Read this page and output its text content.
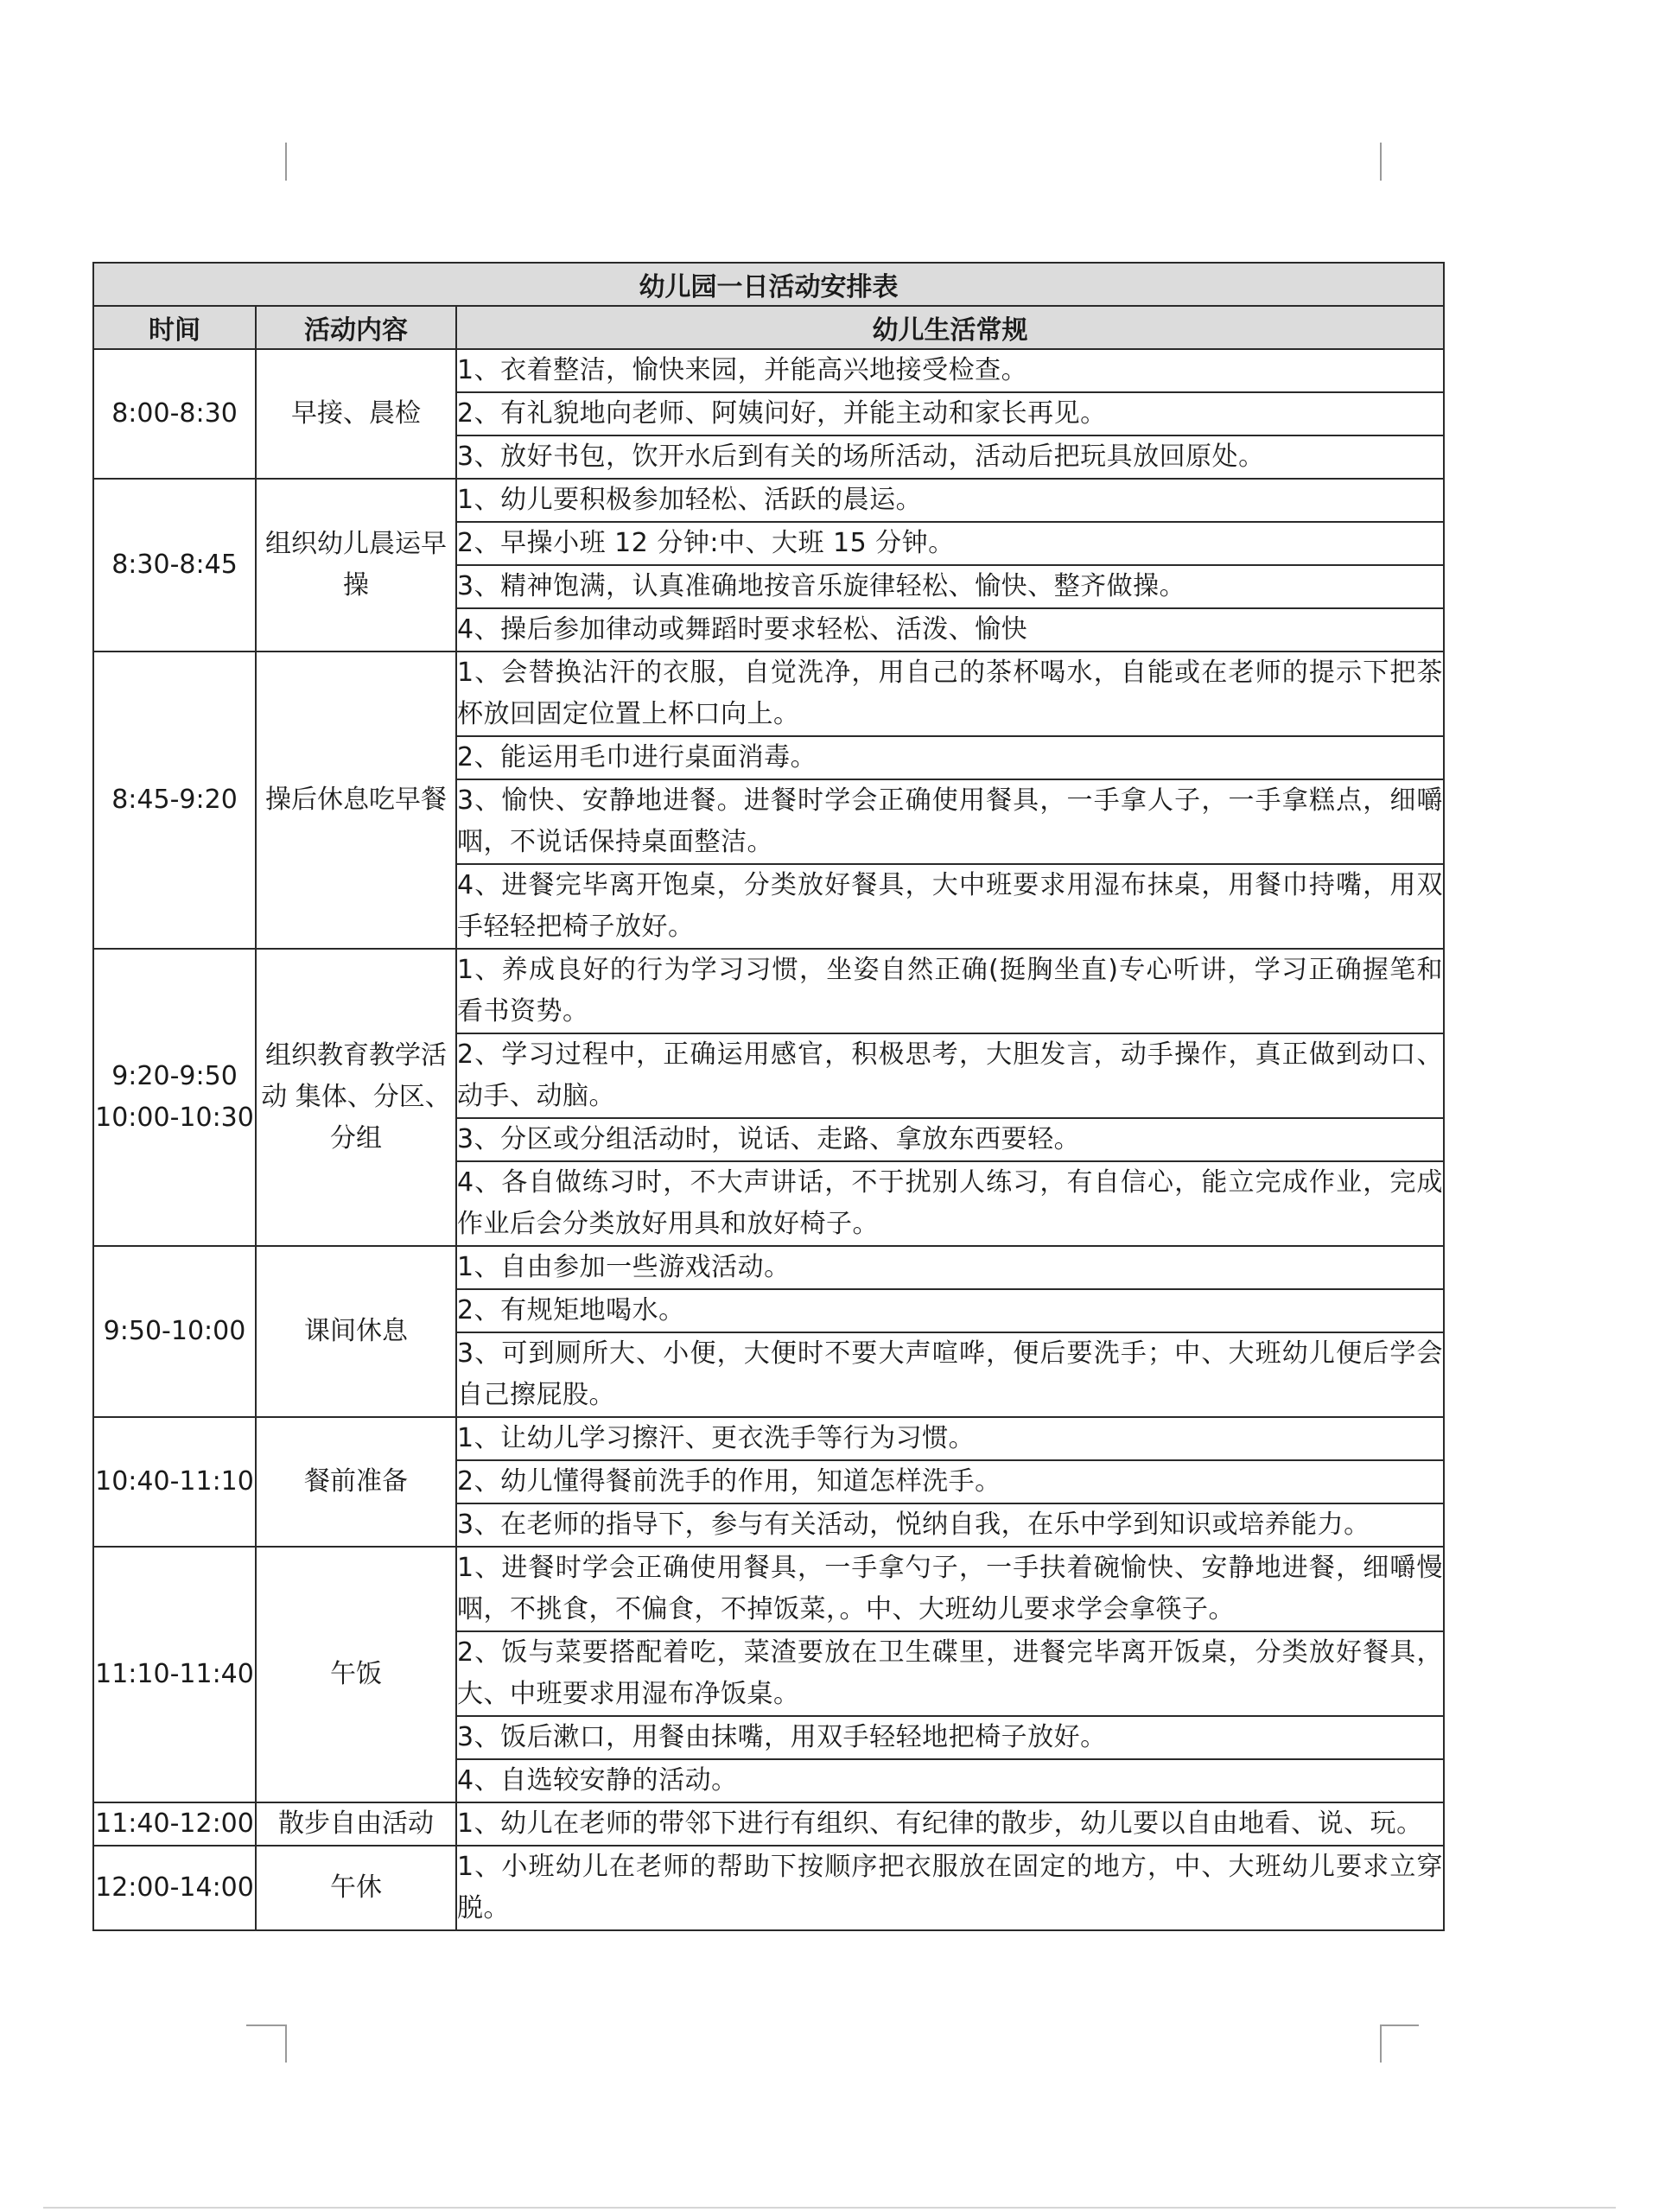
幼儿园一日活动安排表		
时间	活动内容	幼儿生活常规
8:00-8:30	早接、晨检	1、衣着整洁，愉快来园，并能高兴地接受检查。
		2、有礼貌地向老师、阿姨问好，并能主动和家长再见。
		3、放好书包，饮开水后到有关的场所活动，活动后把玩具放回原处。
8:30-8:45	组织幼儿晨运早操	1、幼儿要积极参加轻松、活跃的晨运。
		2、早操小班 12 分钟:中、大班 15 分钟。
		3、精神饱满，认真准确地按音乐旋律轻松、愉快、整齐做操。
		4、操后参加律动或舞蹈时要求轻松、活泼、愉快
8:45-9:20	操后休息吃早餐	1、会替换沾汗的衣服，自觉洗净，用自己的茶杯喝水，自能或在老师的提示下把茶杯放回固定位置上杯口向上。
		2、能运用毛巾进行桌面消毒。
		3、愉快、安静地进餐。进餐时学会正确使用餐具，一手拿人子，一手拿糕点，细嚼咽，不说话保持桌面整洁。
		4、进餐完毕离开饱桌，分类放好餐具，大中班要求用湿布抹桌，用餐巾持嘴，用双手轻轻把椅子放好。
9:20-9:50 10:00-10:30	组织教育教学活动 集体、分区、分组	1、养成良好的行为学习习惯，坐姿自然正确(挺胸坐直)专心听讲，学习正确握笔和看书资势。
		2、学习过程中，正确运用感官，积极思考，大胆发言，动手操作，真正做到动口、动手、动脑。
		3、分区或分组活动时，说话、走路、拿放东西要轻。
		4、各自做练习时，不大声讲话，不于扰别人练习，有自信心，能立完成作业，完成作业后会分类放好用具和放好椅子。
9:50-10:00	课间休息	1、自由参加一些游戏活动。
		2、有规矩地喝水。
		3、可到厕所大、小便，大便时不要大声喧哗，便后要洗手；中、大班幼儿便后学会自己擦屁股。
10:40-11:10	餐前准备	1、让幼儿学习擦汗、更衣洗手等行为习惯。
		2、幼儿懂得餐前洗手的作用，知道怎样洗手。
		3、在老师的指导下，参与有关活动，悦纳自我，在乐中学到知识或培养能力。
11:10-11:40	午饭	1、进餐时学会正确使用餐具，一手拿勺子，一手扶着碗愉快、安静地进餐，细嚼慢咽，不挑食，不偏食，不掉饭菜，。中、大班幼儿要求学会拿筷子。
		2、饭与菜要搭配着吃，菜渣要放在卫生碟里，进餐完毕离开饭桌，分类放好餐具，大、中班要求用湿布净饭桌。
		3、饭后漱口，用餐由抹嘴，用双手轻轻地把椅子放好。
		4、自选较安静的活动。
11:40-12:00	散步自由活动	1、幼儿在老师的带邻下进行有组织、有纪律的散步，幼儿要以自由地看、说、玩。
12:00-14:00	午休	1、小班幼儿在老师的帮助下按顺序把衣服放在固定的地方，中、大班幼儿要求立穿脱。
